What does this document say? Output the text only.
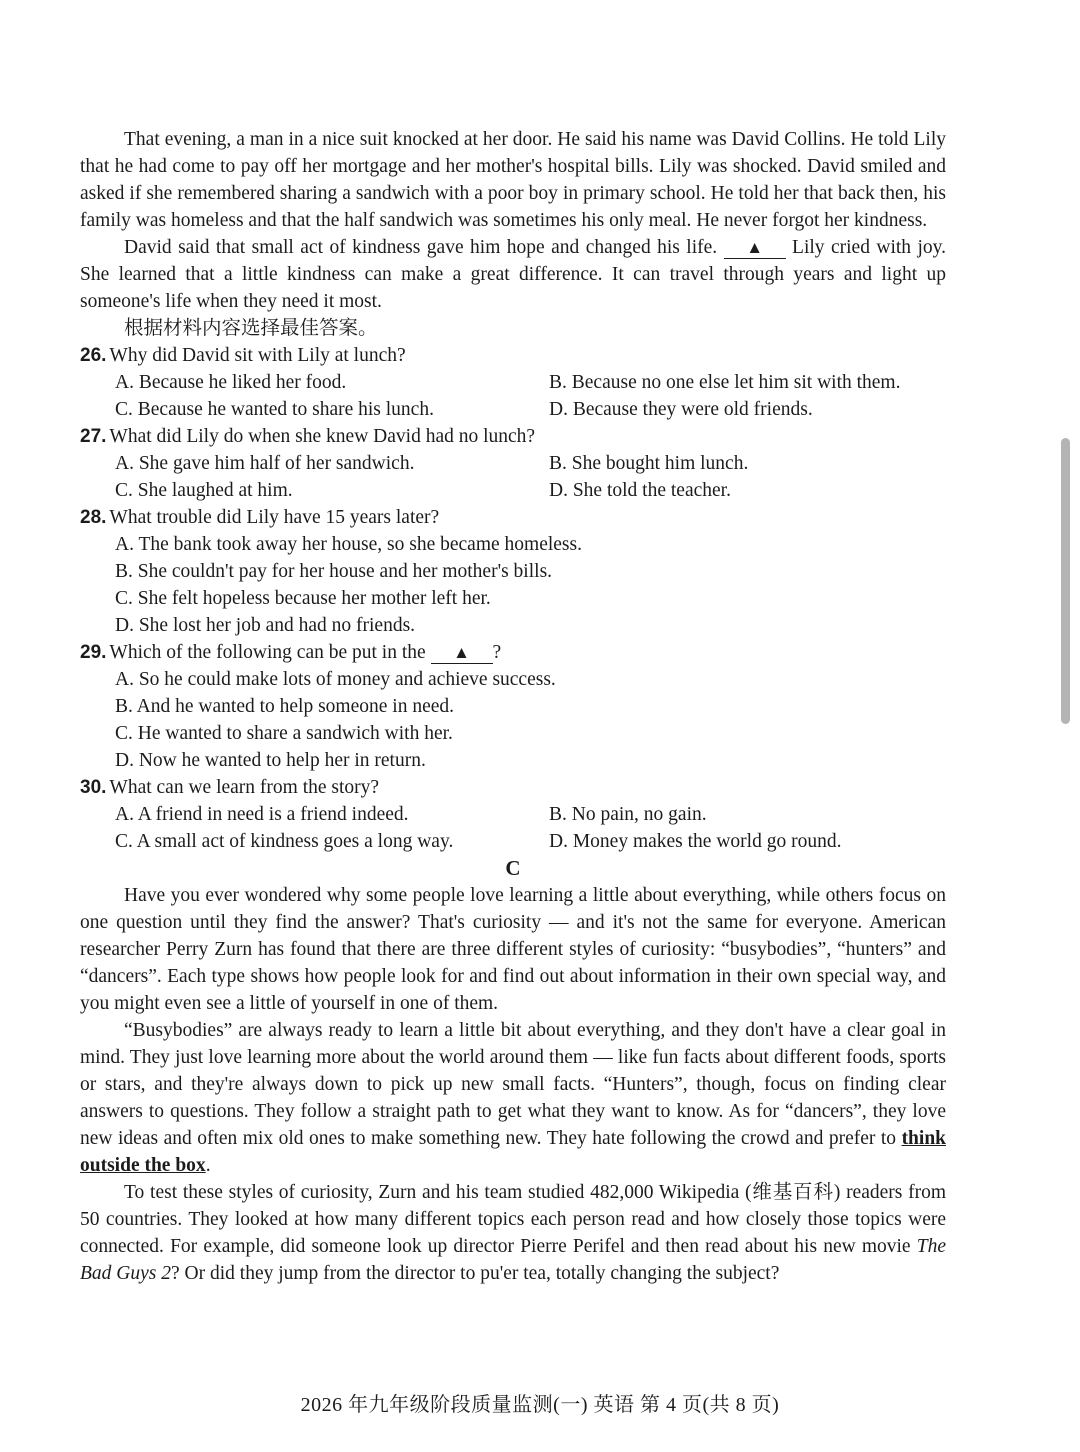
That evening, a man in a nice suit knocked at her door. He said his name was David Collins. He told Lily that he had come to pay off her mortgage and her mother's hospital bills. Lily was shocked. David smiled and asked if she remembered sharing a sandwich with a poor boy in primary school. He told her that back then, his family was homeless and that the half sandwich was sometimes his only meal. He never forgot her kindness.

David said that small act of kindness gave him hope and changed his life. ▲ Lily cried with joy. She learned that a little kindness can make a great difference. It can travel through years and light up someone's life when they need it most.

根据材料内容选择最佳答案。

26. Why did David sit with Lily at lunch?
A. Because he liked her food.	B. Because no one else let him sit with them.
C. Because he wanted to share his lunch.	D. Because they were old friends.
27. What did Lily do when she knew David had no lunch?
A. She gave him half of her sandwich.	B. She bought him lunch.
C. She laughed at him.	D. She told the teacher.
28. What trouble did Lily have 15 years later?
A. The bank took away her house, so she became homeless.
B. She couldn't pay for her house and her mother's bills.
C. She felt hopeless because her mother left her.
D. She lost her job and had no friends.
29. Which of the following can be put in the ▲ ?
A. So he could make lots of money and achieve success.
B. And he wanted to help someone in need.
C. He wanted to share a sandwich with her.
D. Now he wanted to help her in return.
30. What can we learn from the story?
A. A friend in need is a friend indeed.	B. No pain, no gain.
C. A small act of kindness goes a long way.	D. Money makes the world go round.
C

Have you ever wondered why some people love learning a little about everything, while others focus on one question until they find the answer? That's curiosity — and it's not the same for everyone. American researcher Perry Zurn has found that there are three different styles of curiosity: “busybodies”, “hunters” and “dancers”. Each type shows how people look for and find out about information in their own special way, and you might even see a little of yourself in one of them.

“Busybodies” are always ready to learn a little bit about everything, and they don't have a clear goal in mind. They just love learning more about the world around them — like fun facts about different foods, sports or stars, and they're always down to pick up new small facts. “Hunters”, though, focus on finding clear answers to questions. They follow a straight path to get what they want to know. As for “dancers”, they love new ideas and often mix old ones to make something new. They hate following the crowd and prefer to think outside the box.

To test these styles of curiosity, Zurn and his team studied 482,000 Wikipedia (维基百科) readers from 50 countries. They looked at how many different topics each person read and how closely those topics were connected. For example, did someone look up director Pierre Perifel and then read about his new movie The Bad Guys 2? Or did they jump from the director to pu'er tea, totally changing the subject?

2026 年九年级阶段质量监测(一) 英语 第 4 页(共 8 页)
